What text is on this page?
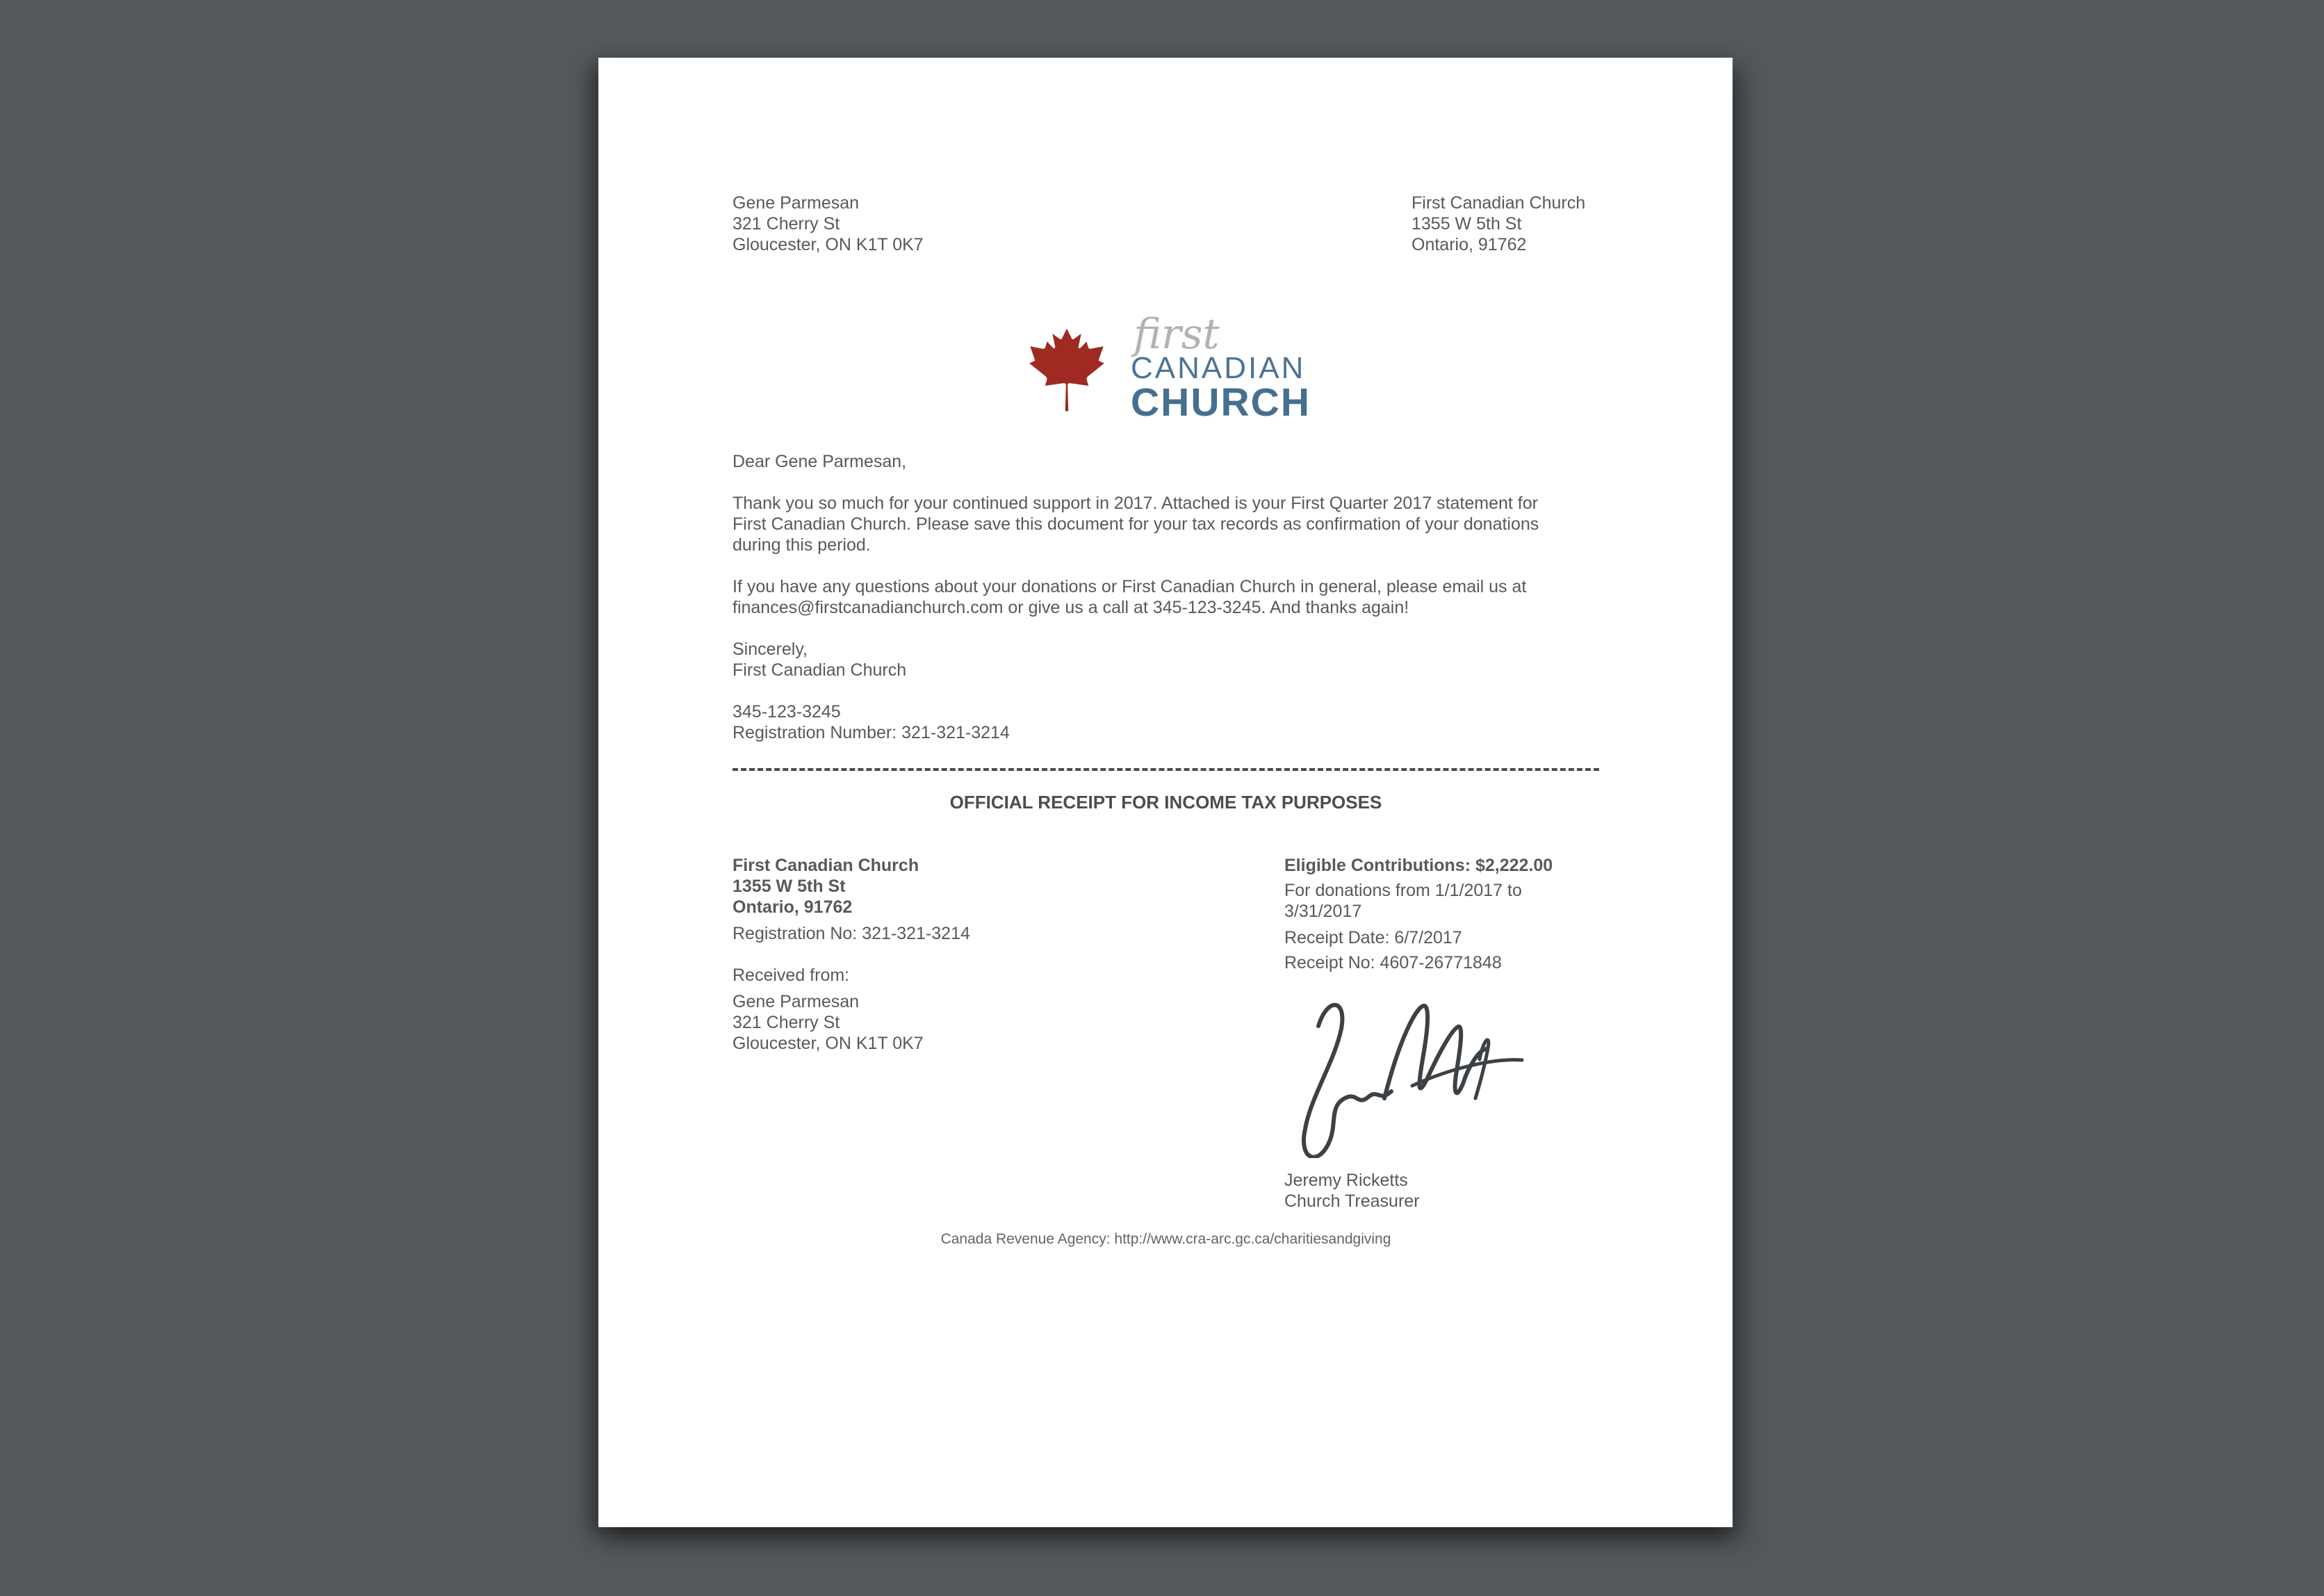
Gene Parmesan
321 Cherry St
Gloucester, ON K1T 0K7
First Canadian Church
1355 W 5th St
Ontario, 91762
first
CANADIAN
CHURCH
Dear Gene Parmesan,
Thank you so much for your continued support in 2017. Attached is your First Quarter 2017 statement for First Canadian Church. Please save this document for your tax records as confirmation of your donations during this period.
If you have any questions about your donations or First Canadian Church in general, please email us at finances@firstcanadianchurch.com or give us a call at 345-123-3245. And thanks again!
Sincerely,
First Canadian Church
345-123-3245
Registration Number: 321-321-3214
OFFICIAL RECEIPT FOR INCOME TAX PURPOSES
First Canadian Church
1355 W 5th St
Ontario, 91762
Registration No: 321-321-3214
Received from:
Gene Parmesan
321 Cherry St
Gloucester, ON K1T 0K7
Eligible Contributions: $2,222.00
For donations from 1/1/2017 to 3/31/2017
Receipt Date: 6/7/2017
Receipt No: 4607-26771848
Jeremy Ricketts
Church Treasurer
Canada Revenue Agency: http://www.cra-arc.gc.ca/charitiesandgiving
